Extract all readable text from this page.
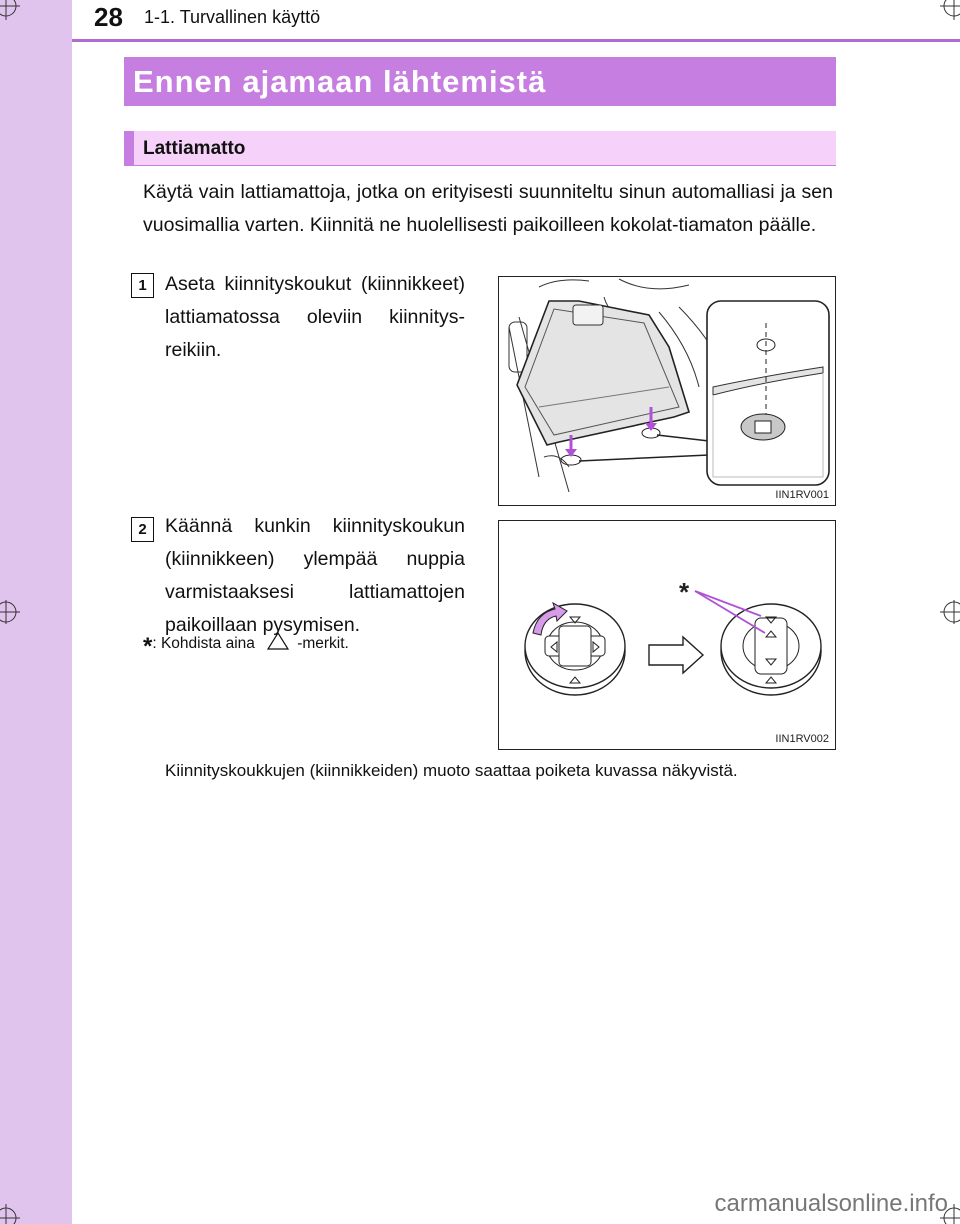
28 1-1. Turvallinen käyttö
Ennen ajamaan lähtemistä
Lattiamatto

Käytä vain lattiamattoja, jotka on erityisesti suunniteltu sinun automalliasi ja sen vuosimallia varten. Kiinnitä ne huolellisesti paikoilleen kokolat-tiamaton päälle.

1 Aseta kiinnityskoukut (kiinnikkeet) lattiamatossa oleviin kiinnitys-reikiin.

2 Käännä kunkin kiinnityskoukun (kiinnikkeen) ylempää nuppia varmistaaksesi lattiamattojen paikoillaan pysymisen.

*: Kohdista aina	-merkit.
Kiinnityskoukkujen (kiinnikkeiden) muoto saattaa poiketa kuvassa näkyvistä.
IIN1RV001
*
IIN1RV002
carmanualsonline.info
